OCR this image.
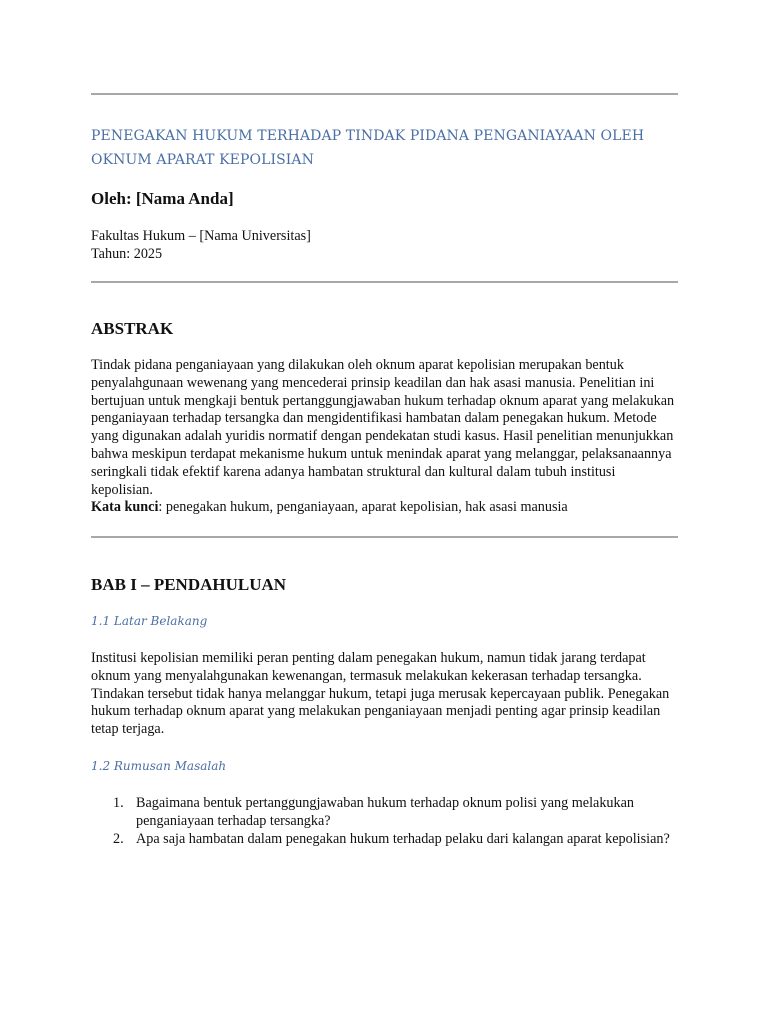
PENEGAKAN HUKUM TERHADAP TINDAK PIDANA PENGANIAYAAN OLEH OKNUM APARAT KEPOLISIAN
Oleh: [Nama Anda]
Fakultas Hukum – [Nama Universitas]
Tahun: 2025
ABSTRAK
Tindak pidana penganiayaan yang dilakukan oleh oknum aparat kepolisian merupakan bentuk penyalahgunaan wewenang yang mencederai prinsip keadilan dan hak asasi manusia. Penelitian ini bertujuan untuk mengkaji bentuk pertanggungjawaban hukum terhadap oknum aparat yang melakukan penganiayaan terhadap tersangka dan mengidentifikasi hambatan dalam penegakan hukum. Metode yang digunakan adalah yuridis normatif dengan pendekatan studi kasus. Hasil penelitian menunjukkan bahwa meskipun terdapat mekanisme hukum untuk menindak aparat yang melanggar, pelaksanaannya seringkali tidak efektif karena adanya hambatan struktural dan kultural dalam tubuh institusi kepolisian.
Kata kunci: penegakan hukum, penganiayaan, aparat kepolisian, hak asasi manusia
BAB I – PENDAHULUAN
1.1 Latar Belakang
Institusi kepolisian memiliki peran penting dalam penegakan hukum, namun tidak jarang terdapat oknum yang menyalahgunakan kewenangan, termasuk melakukan kekerasan terhadap tersangka. Tindakan tersebut tidak hanya melanggar hukum, tetapi juga merusak kepercayaan publik. Penegakan hukum terhadap oknum aparat yang melakukan penganiayaan menjadi penting agar prinsip keadilan tetap terjaga.
1.2 Rumusan Masalah
1. Bagaimana bentuk pertanggungjawaban hukum terhadap oknum polisi yang melakukan penganiayaan terhadap tersangka?
2. Apa saja hambatan dalam penegakan hukum terhadap pelaku dari kalangan aparat kepolisian?
